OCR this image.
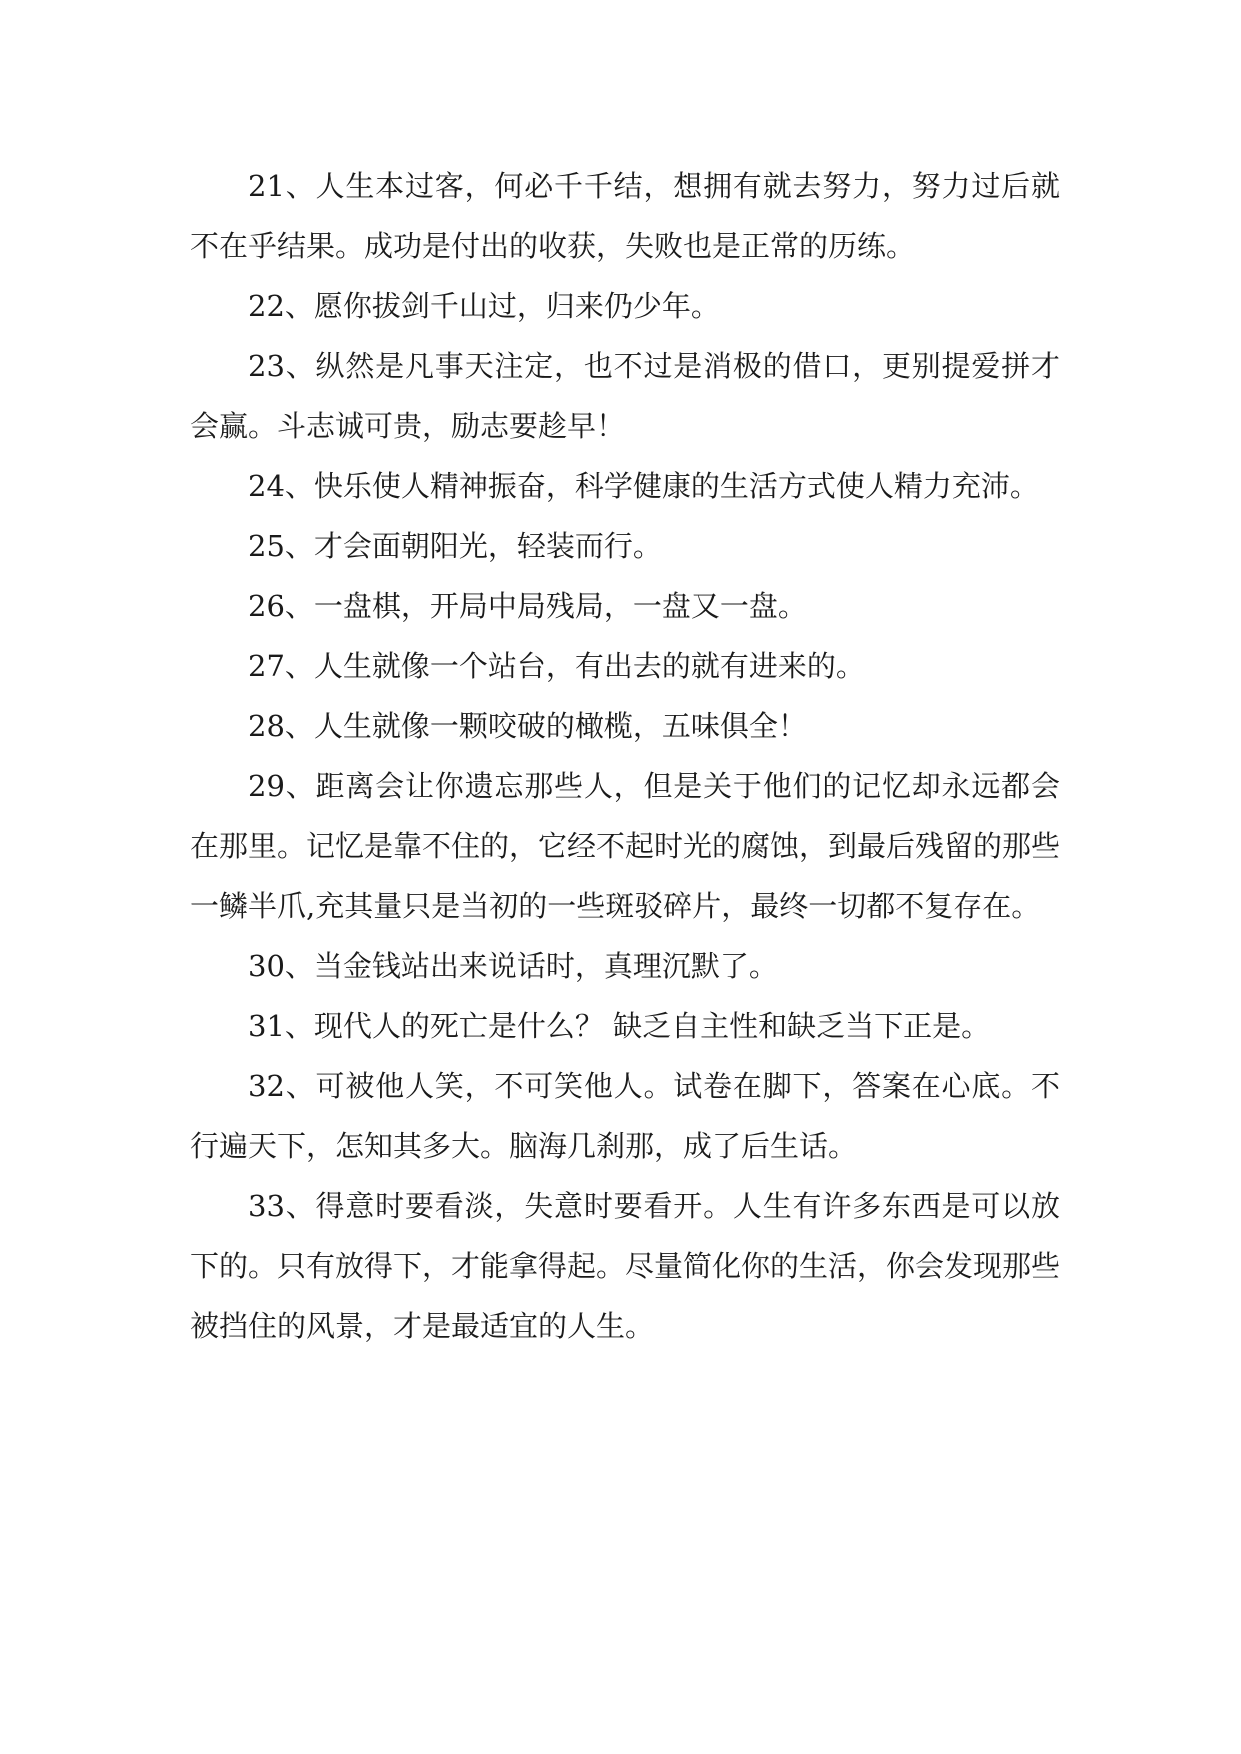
21、人生本过客，何必千千结，想拥有就去努力，努力过后就不在乎结果。成功是付出的收获，失败也是正常的历练。

22、愿你拔剑千山过，归来仍少年。

23、纵然是凡事天注定，也不过是消极的借口，更别提爱拼才会赢。斗志诚可贵，励志要趁早！

24、快乐使人精神振奋，科学健康的生活方式使人精力充沛。

25、才会面朝阳光，轻装而行。

26、一盘棋，开局中局残局，一盘又一盘。

27、人生就像一个站台，有出去的就有进来的。

28、人生就像一颗咬破的橄榄，五味俱全！

29、距离会让你遗忘那些人，但是关于他们的记忆却永远都会在那里。记忆是靠不住的，它经不起时光的腐蚀，到最后残留的那些一鳞半爪,充其量只是当初的一些斑驳碎片，最终一切都不复存在。

30、当金钱站出来说话时，真理沉默了。

31、现代人的死亡是什么？ 缺乏自主性和缺乏当下正是。

32、可被他人笑，不可笑他人。试卷在脚下，答案在心底。不行遍天下，怎知其多大。脑海几刹那，成了后生话。

33、得意时要看淡，失意时要看开。人生有许多东西是可以放下的。只有放得下，才能拿得起。尽量简化你的生活，你会发现那些被挡住的风景，才是最适宜的人生。
